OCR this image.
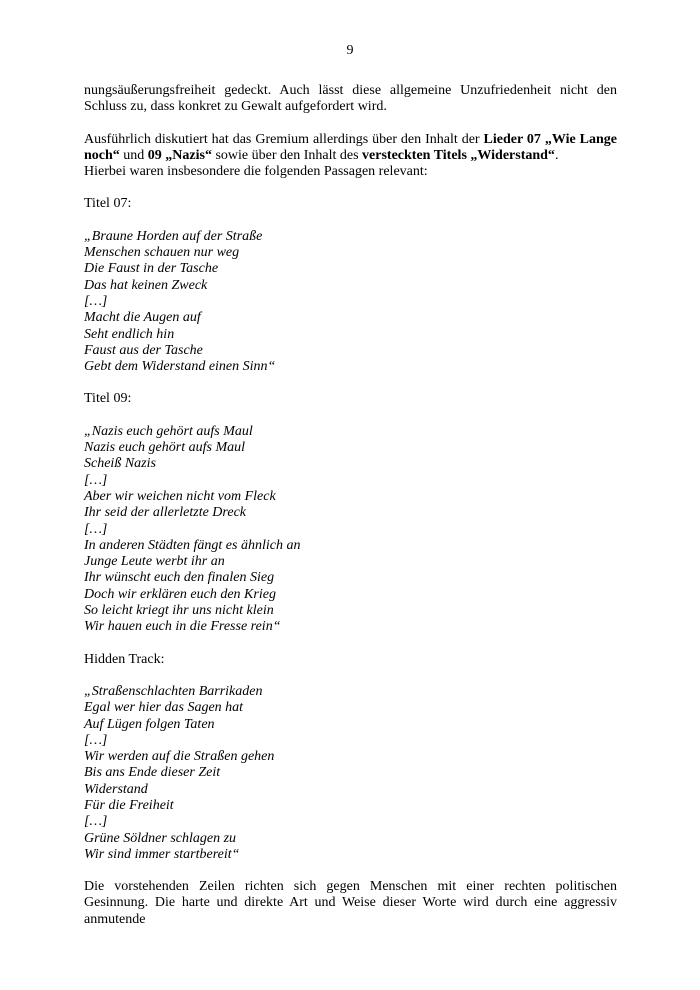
9

nungsäußerungsfreiheit gedeckt. Auch lässt diese allgemeine Unzufriedenheit nicht den Schluss zu, dass konkret zu Gewalt aufgefordert wird.

Ausführlich diskutiert hat das Gremium allerdings über den Inhalt der Lieder 07 „Wie Lange noch“ und 09 „Nazis“ sowie über den Inhalt des versteckten Titels „Widerstand“.
Hierbei waren insbesondere die folgenden Passagen relevant:

Titel 07:

„Braune Horden auf der Straße
Menschen schauen nur weg
Die Faust in der Tasche
Das hat keinen Zweck
[…]
Macht die Augen auf
Seht endlich hin
Faust aus der Tasche
Gebt dem Widerstand einen Sinn“

Titel 09:

„Nazis euch gehört aufs Maul
Nazis euch gehört aufs Maul
Scheiß Nazis
[…]
Aber wir weichen nicht vom Fleck
Ihr seid der allerletzte Dreck
[…]
In anderen Städten fängt es ähnlich an
Junge Leute werbt ihr an
Ihr wünscht euch den finalen Sieg
Doch wir erklären euch den Krieg
So leicht kriegt ihr uns nicht klein
Wir hauen euch in die Fresse rein“

Hidden Track:

„Straßenschlachten Barrikaden
Egal wer hier das Sagen hat
Auf Lügen folgen Taten
[…]
Wir werden auf die Straßen gehen
Bis ans Ende dieser Zeit
Widerstand
Für die Freiheit
[…]
Grüne Söldner schlagen zu
Wir sind immer startbereit“

Die vorstehenden Zeilen richten sich gegen Menschen mit einer rechten politischen Gesinnung. Die harte und direkte Art und Weise dieser Worte wird durch eine aggressiv anmutende
